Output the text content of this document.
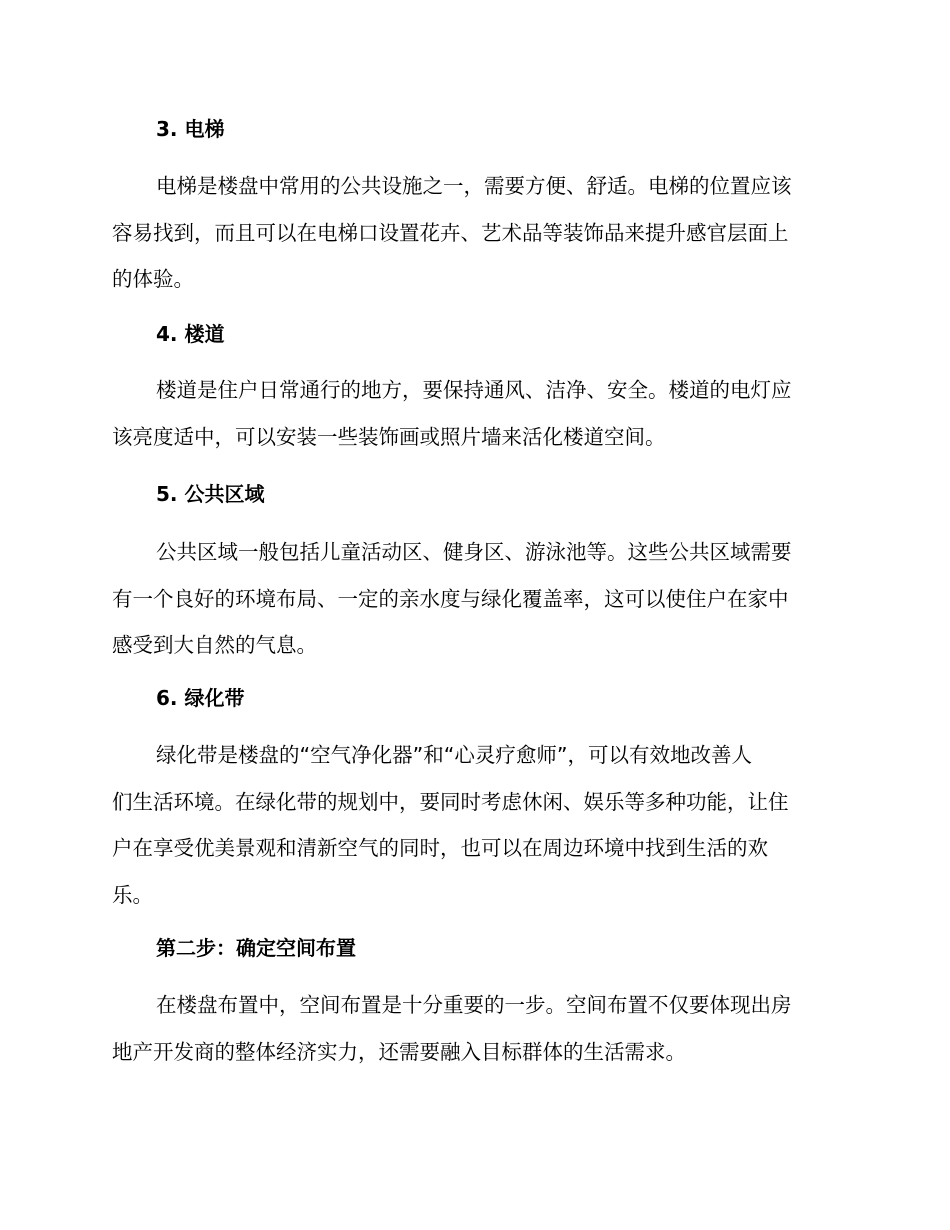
3. 电梯
电梯是楼盘中常用的公共设施之一，需要方便、舒适。电梯的位置应该
容易找到，而且可以在电梯口设置花卉、艺术品等装饰品来提升感官层面上
的体验。
4. 楼道
楼道是住户日常通行的地方，要保持通风、洁净、安全。楼道的电灯应
该亮度适中，可以安装一些装饰画或照片墙来活化楼道空间。
5. 公共区域
公共区域一般包括儿童活动区、健身区、游泳池等。这些公共区域需要
有一个良好的环境布局、一定的亲水度与绿化覆盖率，这可以使住户在家中
感受到大自然的气息。
6. 绿化带
绿化带是楼盘的“空气净化器”和“心灵疗愈师”，可以有效地改善人
们生活环境。在绿化带的规划中，要同时考虑休闲、娱乐等多种功能，让住
户在享受优美景观和清新空气的同时，也可以在周边环境中找到生活的欢
乐。
第二步：确定空间布置
在楼盘布置中，空间布置是十分重要的一步。空间布置不仅要体现出房
地产开发商的整体经济实力，还需要融入目标群体的生活需求。
